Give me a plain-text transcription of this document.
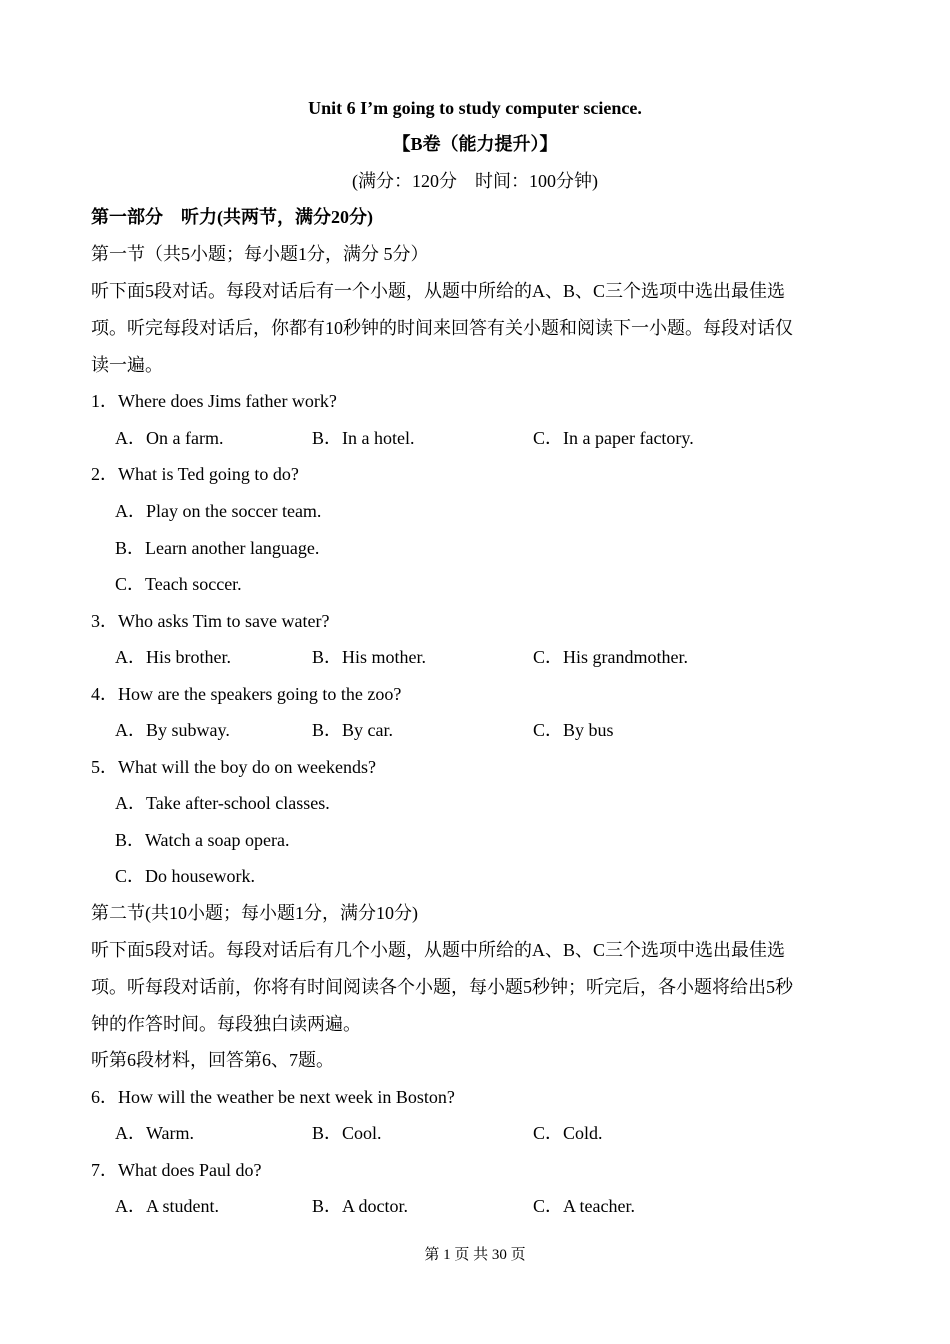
Unit 6 I’m going to study computer science.
【B卷（能力提升）】
(满分：120分　时间：100分钟)
第一部分　听力(共两节，满分20分)
第一节（共5小题；每小题1分，满分 5分）
听下面5段对话。每段对话后有一个小题，从题中所给的A、B、C三个选项中选出最佳选
项。听完每段对话后，你都有10秒钟的时间来回答有关小题和阅读下一小题。每段对话仅
读一遍。
1．Where does Jims father work?
A．On a farm.	B．In a hotel.	C．In a paper factory.
2．What is Ted going to do?
A．Play on the soccer team.
B．Learn another language.
C．Teach soccer.
3．Who asks Tim to save water?
A．His brother.	B．His mother.	C．His grandmother.
4．How are the speakers going to the zoo?
A．By subway.	B．By car.	C．By bus
5．What will the boy do on weekends?
A．Take after-school classes.
B．Watch a soap opera.
C．Do housework.
第二节(共10小题；每小题1分，满分10分)
听下面5段对话。每段对话后有几个小题，从题中所给的A、B、C三个选项中选出最佳选
项。听每段对话前，你将有时间阅读各个小题，每小题5秒钟；听完后，各小题将给出5秒
钟的作答时间。每段独白读两遍。
听第6段材料，回答第6、7题。
6．How will the weather be next week in Boston?
A．Warm.	B．Cool.	C．Cold.
7．What does Paul do?
A．A student.	B．A doctor.	C．A teacher.
第 1 页 共 30 页
